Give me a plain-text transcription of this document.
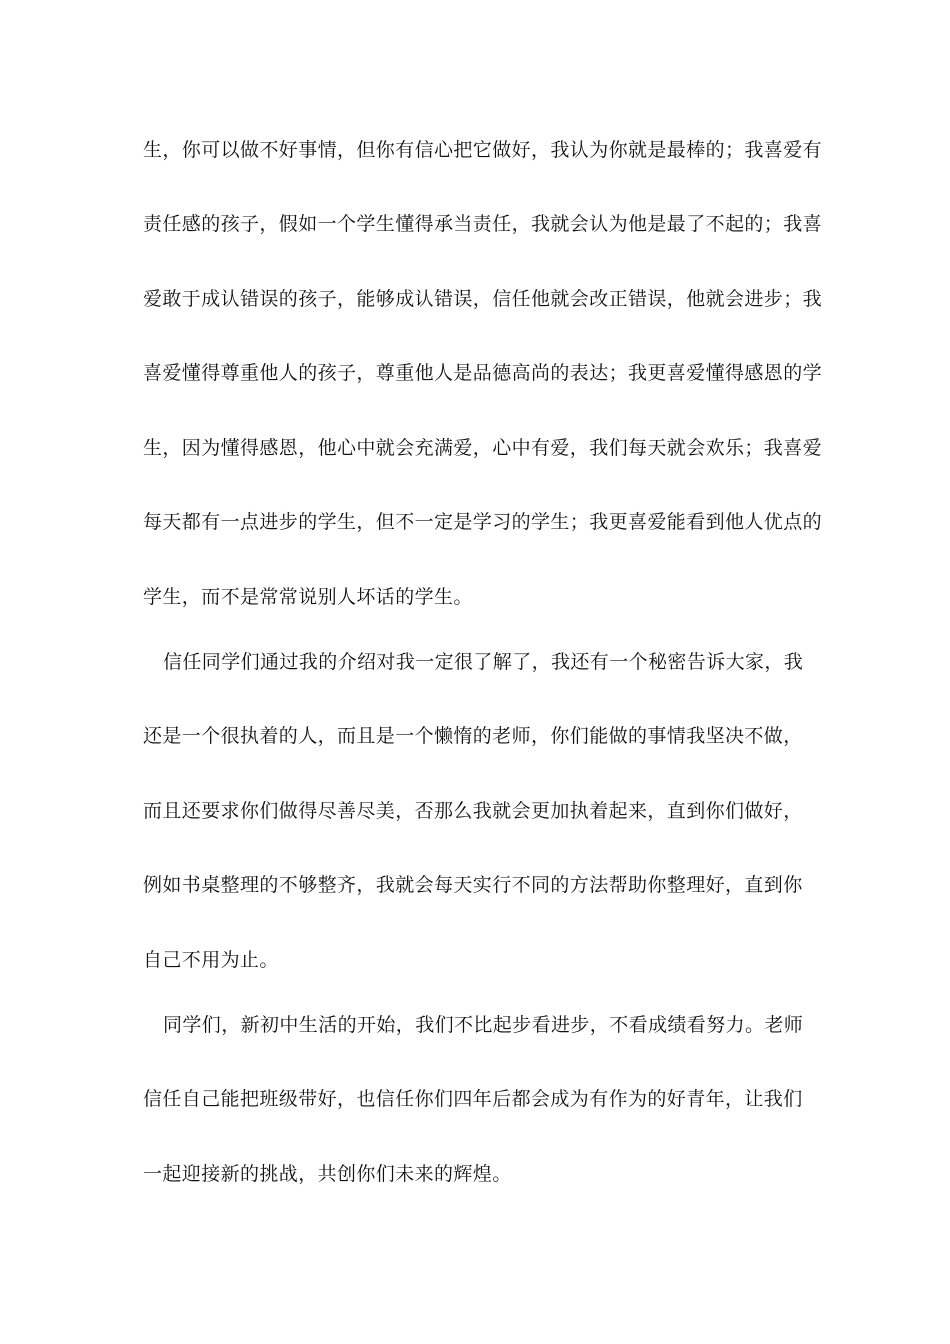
生，你可以做不好事情，但你有信心把它做好，我认为你就是最棒的；我喜爱有
责任感的孩子，假如一个学生懂得承当责任，我就会认为他是最了不起的；我喜
爱敢于成认错误的孩子，能够成认错误，信任他就会改正错误，他就会进步；我
喜爱懂得尊重他人的孩子，尊重他人是品德高尚的表达；我更喜爱懂得感恩的学
生，因为懂得感恩，他心中就会充满爱，心中有爱，我们每天就会欢乐；我喜爱
每天都有一点进步的学生，但不一定是学习的学生；我更喜爱能看到他人优点的
学生，而不是常常说别人坏话的学生。
信任同学们通过我的介绍对我一定很了解了，我还有一个秘密告诉大家，我
还是一个很执着的人，而且是一个懒惰的老师，你们能做的事情我坚决不做，
而且还要求你们做得尽善尽美，否那么我就会更加执着起来，直到你们做好，
例如书桌整理的不够整齐，我就会每天实行不同的方法帮助你整理好，直到你
自己不用为止。
同学们，新初中生活的开始，我们不比起步看进步，不看成绩看努力。老师
信任自己能把班级带好，也信任你们四年后都会成为有作为的好青年，让我们
一起迎接新的挑战，共创你们未来的辉煌。
